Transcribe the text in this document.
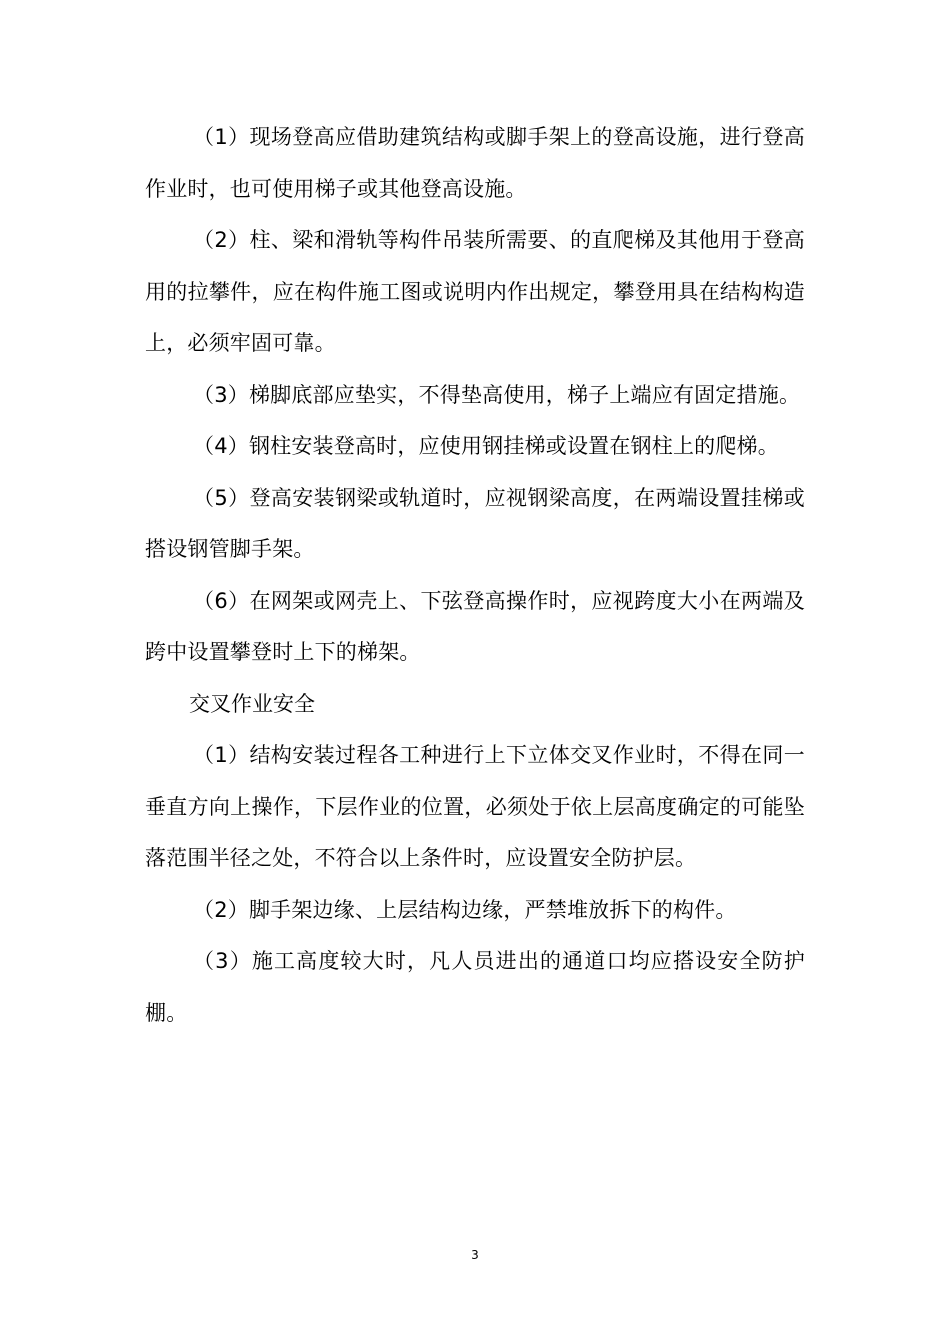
（1）现场登高应借助建筑结构或脚手架上的登高设施，进行登高作业时，也可使用梯子或其他登高设施。

（2）柱、梁和滑轨等构件吊装所需要、的直爬梯及其他用于登高用的拉攀件，应在构件施工图或说明内作出规定，攀登用具在结构构造上，必须牢固可靠。

（3）梯脚底部应垫实，不得垫高使用，梯子上端应有固定措施。

（4）钢柱安装登高时，应使用钢挂梯或设置在钢柱上的爬梯。

（5）登高安装钢梁或轨道时，应视钢梁高度，在两端设置挂梯或搭设钢管脚手架。

（6）在网架或网壳上、下弦登高操作时，应视跨度大小在两端及跨中设置攀登时上下的梯架。

交叉作业安全

（1）结构安装过程各工种进行上下立体交叉作业时，不得在同一垂直方向上操作，下层作业的位置，必须处于依上层高度确定的可能坠落范围半径之处，不符合以上条件时，应设置安全防护层。

（2）脚手架边缘、上层结构边缘，严禁堆放拆下的构件。

（3）施工高度较大时，凡人员进出的通道口均应搭设安全防护棚。

3
